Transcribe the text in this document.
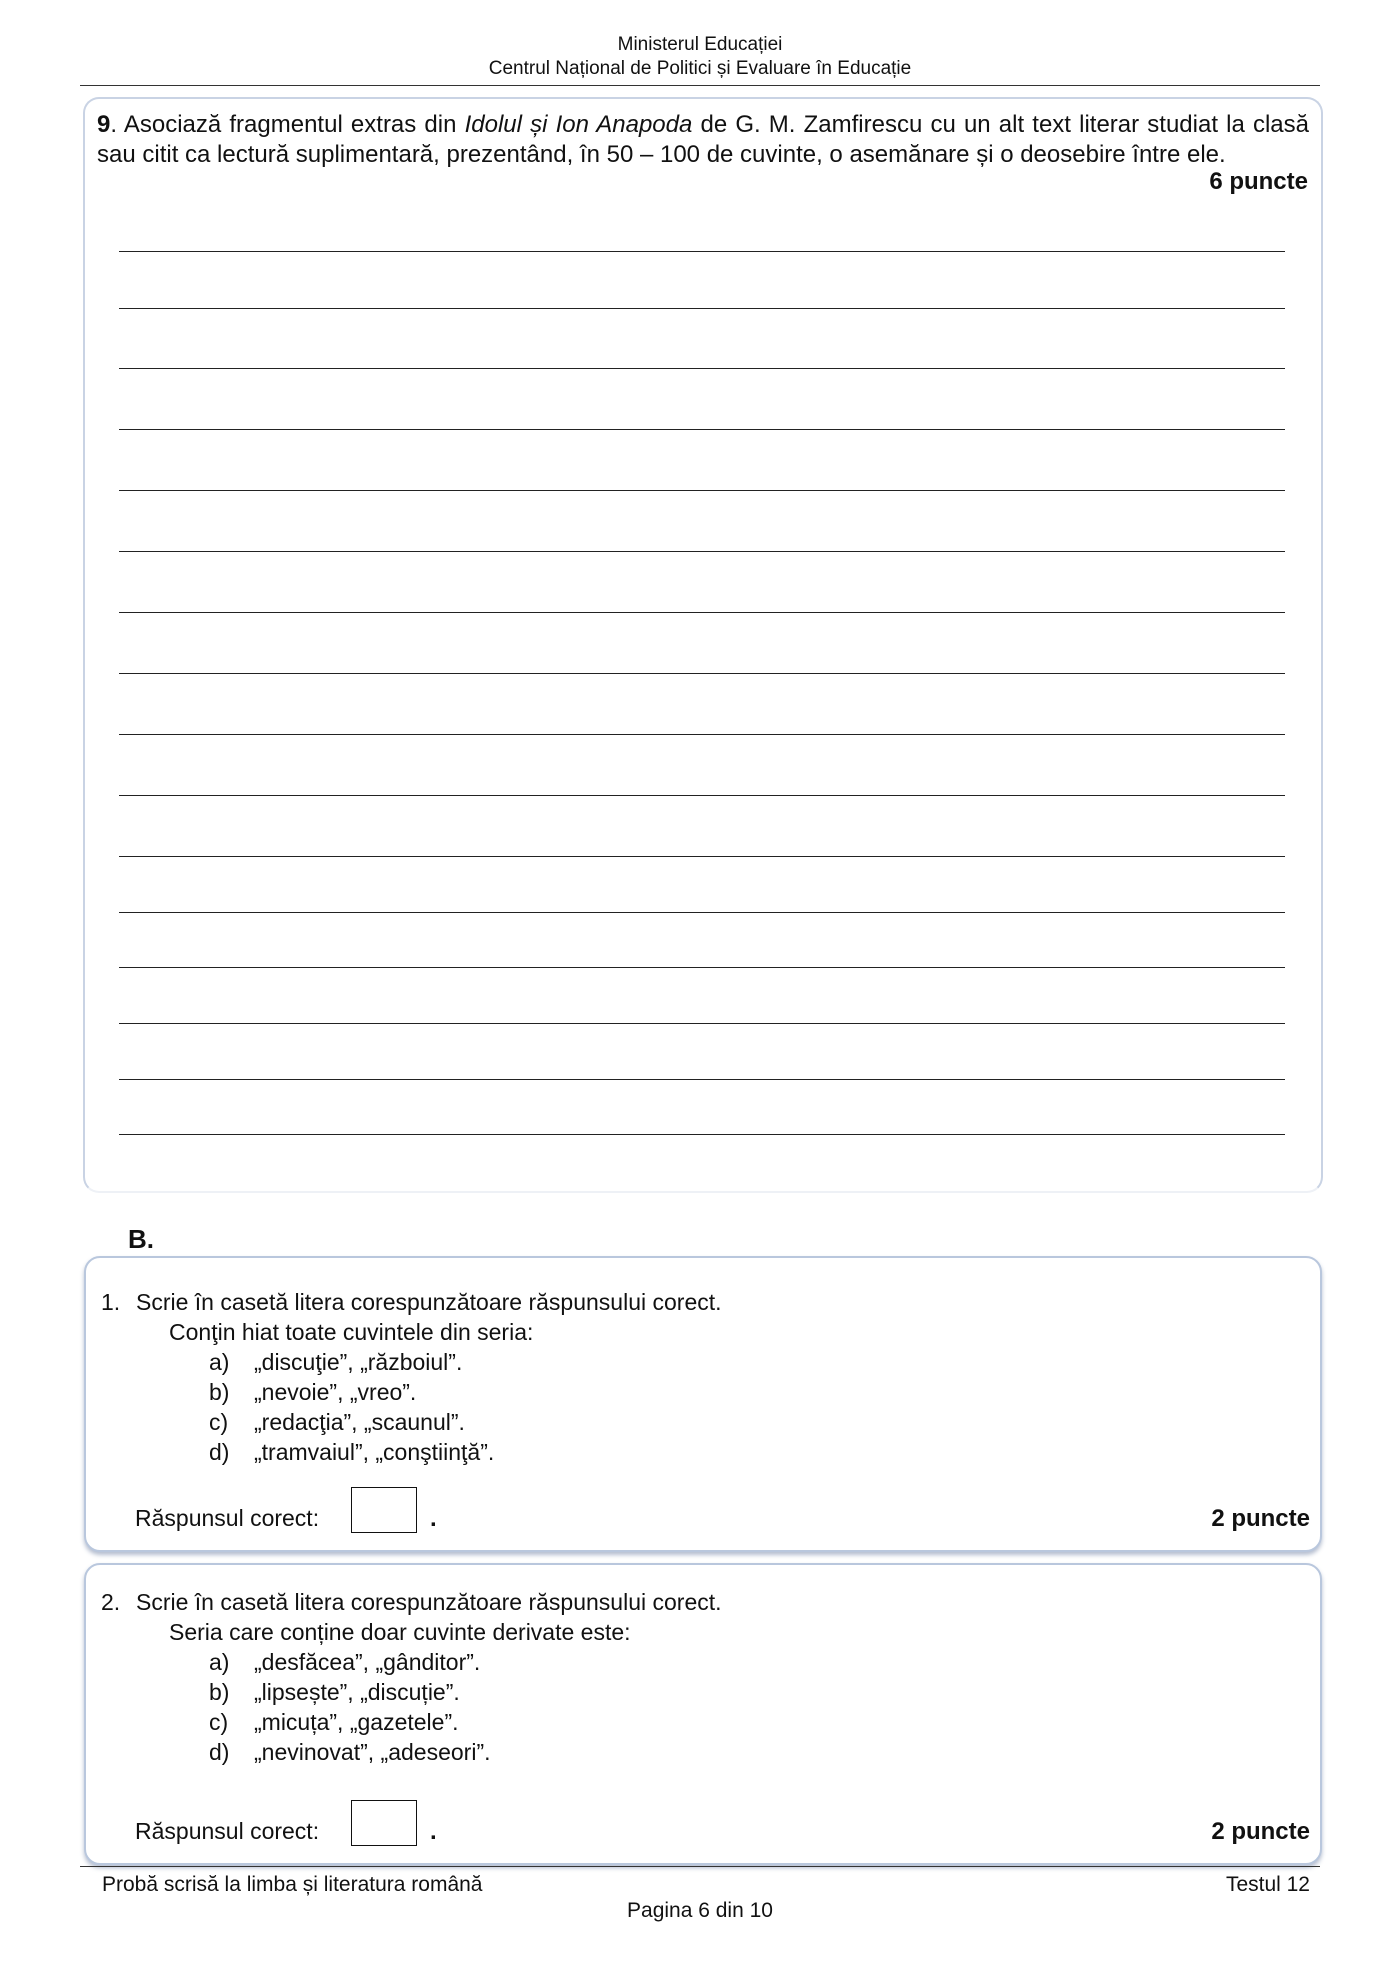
Ministerul Educației
Centrul Național de Politici și Evaluare în Educație
9. Asociază fragmentul extras din Idolul și Ion Anapoda de G. M. Zamfirescu cu un alt text literar studiat la clasă sau citit ca lectură suplimentară, prezentând, în 50 – 100 de cuvinte, o asemănare și o deosebire între ele.
6 puncte
B.
1. Scrie în casetă litera corespunzătoare răspunsului corect.
Conţin hiat toate cuvintele din seria:
a) „discuţie”, „războiul”.
b) „nevoie”, „vreo”.
c) „redacţia”, „scaunul”.
d) „tramvaiul”, „conştiinţă”.
Răspunsul corect:	.	2 puncte
2. Scrie în casetă litera corespunzătoare răspunsului corect.
Seria care conține doar cuvinte derivate este:
a) „desfăcea”, „gânditor”.
b) „lipsește”, „discuție”.
c) „micuța”, „gazetele”.
d) „nevinovat”, „adeseori”.
Răspunsul corect:	.	2 puncte
Probă scrisă la limba și literatura română	Testul 12
Pagina 6 din 10
